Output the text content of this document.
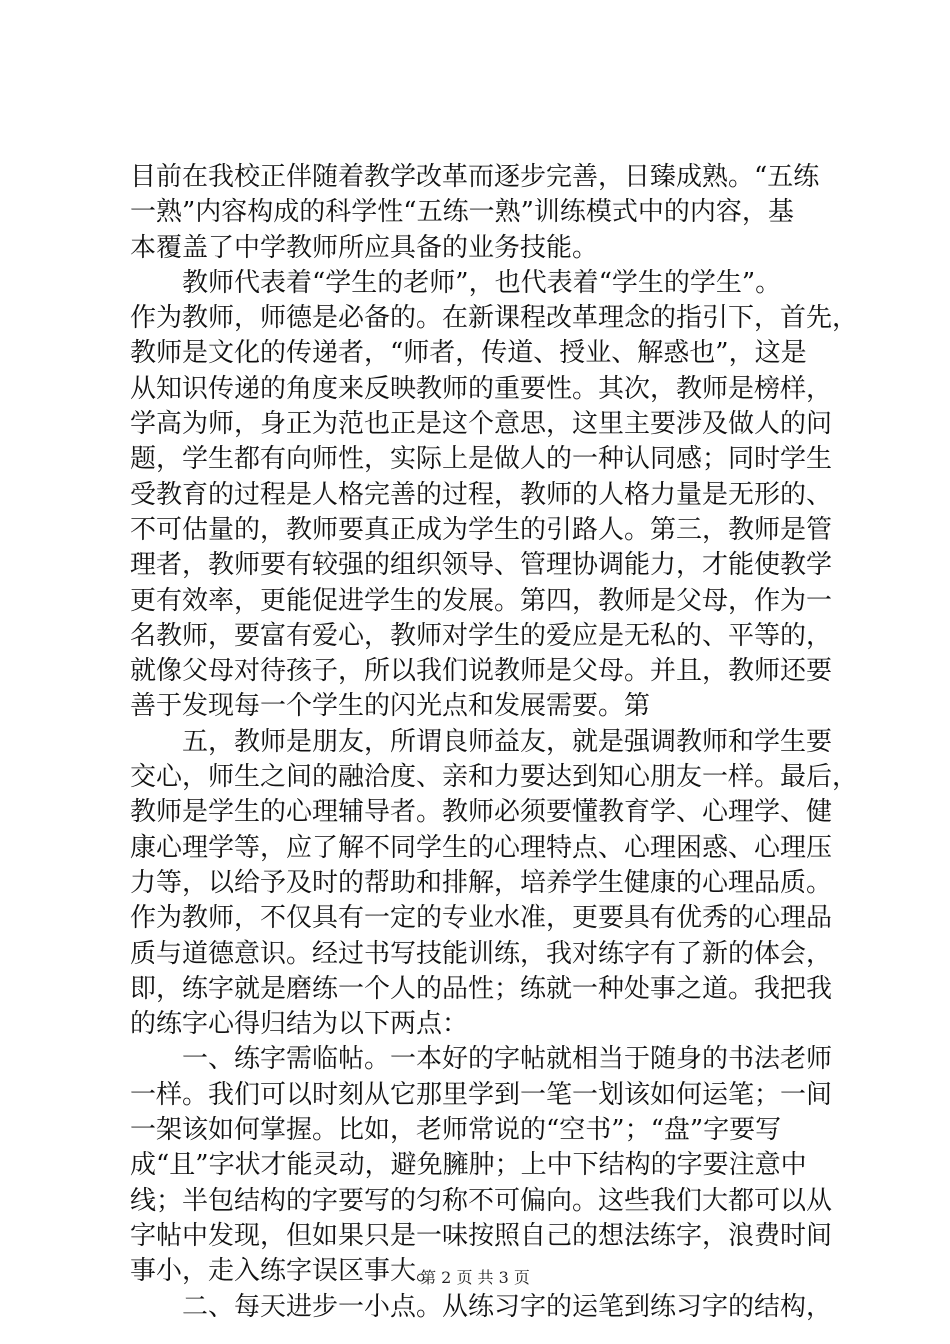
目前在我校正伴随着教学改革而逐步完善，日臻成熟。“五练

一熟”内容构成的科学性“五练一熟”训练模式中的内容，基

本覆盖了中学教师所应具备的业务技能。

　　教师代表着“学生的老师”，也代表着“学生的学生”。

作为教师，师德是必备的。在新课程改革理念的指引下，首先，

教师是文化的传递者，“师者，传道、授业、解惑也”，这是

从知识传递的角度来反映教师的重要性。其次，教师是榜样，

学高为师，身正为范也正是这个意思，这里主要涉及做人的问

题，学生都有向师性，实际上是做人的一种认同感；同时学生

受教育的过程是人格完善的过程，教师的人格力量是无形的、

不可估量的，教师要真正成为学生的引路人。第三，教师是管

理者，教师要有较强的组织领导、管理协调能力，才能使教学

更有效率，更能促进学生的发展。第四，教师是父母，作为一

名教师，要富有爱心，教师对学生的爱应是无私的、平等的，

就像父母对待孩子，所以我们说教师是父母。并且，教师还要

善于发现每一个学生的闪光点和发展需要。第

　　五，教师是朋友，所谓良师益友，就是强调教师和学生要

交心，师生之间的融洽度、亲和力要达到知心朋友一样。最后，

教师是学生的心理辅导者。教师必须要懂教育学、心理学、健

康心理学等，应了解不同学生的心理特点、心理困惑、心理压

力等，以给予及时的帮助和排解，培养学生健康的心理品质。

作为教师，不仅具有一定的专业水准，更要具有优秀的心理品

质与道德意识。经过书写技能训练，我对练字有了新的体会，

即，练字就是磨练一个人的品性；练就一种处事之道。我把我

的练字心得归结为以下两点：

　　一、练字需临帖。一本好的字帖就相当于随身的书法老师

一样。我们可以时刻从它那里学到一笔一划该如何运笔；一间

一架该如何掌握。比如，老师常说的“空书”；“盘”字要写

成“且”字状才能灵动，避免臃肿；上中下结构的字要注意中

线；半包结构的字要写的匀称不可偏向。这些我们大都可以从

字帖中发现，但如果只是一味按照自己的想法练字，浪费时间

事小，走入练字误区事大。

　　二、每天进步一小点。从练习字的运笔到练习字的结构，

第 2 页 共 3 页
